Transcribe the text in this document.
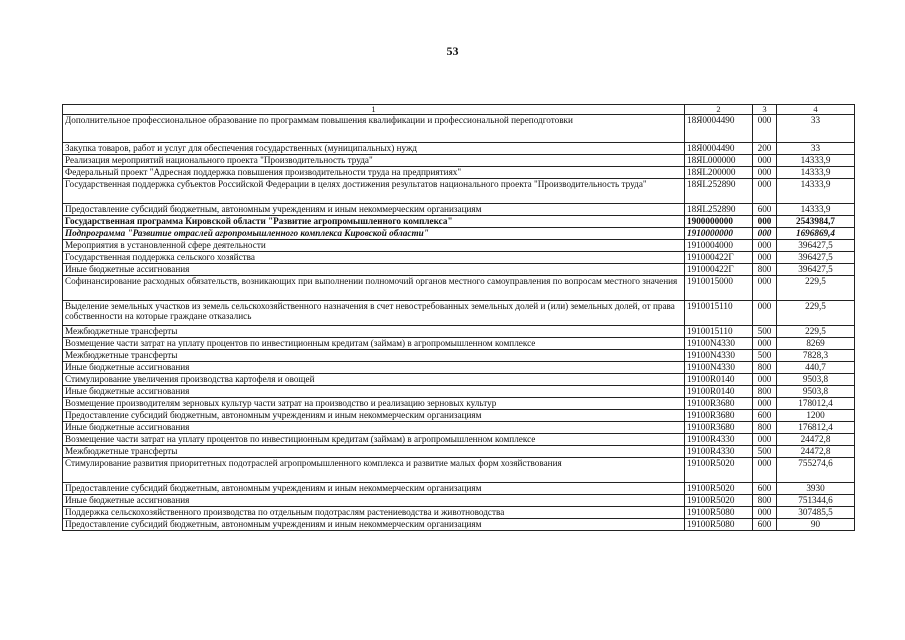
53
1	2	3	4
Дополнительное профессиональное образование по программам повышения квалификации и профессиональной переподготовки	18Я0004490	000	33
Закупка товаров, работ и услуг для обеспечения государственных (муниципальных) нужд	18Я0004490	200	33
Реализация мероприятий национального проекта "Производительность труда"	18ЯL000000	000	14333,9
Федеральный проект "Адресная поддержка повышения производительности труда на предприятиях"	18ЯL200000	000	14333,9
Государственная поддержка субъектов Российской Федерации в целях достижения результатов национального проекта "Производительность труда"	18ЯL252890	000	14333,9
Предоставление субсидий бюджетным, автономным учреждениям и иным некоммерческим организациям	18ЯL252890	600	14333,9
Государственная программа Кировской области "Развитие агропромышленного комплекса"	1900000000	000	2543984,7
Подпрограмма "Развитие отраслей агропромышленного комплекса Кировской области"	1910000000	000	1696869,4
Мероприятия в установленной сфере деятельности	1910004000	000	396427,5
Государственная поддержка сельского хозяйства	191000422Г	000	396427,5
Иные бюджетные ассигнования	191000422Г	800	396427,5
Софинансирование расходных обязательств, возникающих при выполнении полномочий органов местного самоуправления по вопросам местного значения	1910015000	000	229,5
Выделение земельных участков из земель сельскохозяйственного назначения в счет невостребованных земельных долей и (или) земельных долей, от права собственности на которые граждане отказались	1910015110	000	229,5
Межбюджетные трансферты	1910015110	500	229,5
Возмещение части затрат на уплату процентов по инвестиционным кредитам (займам) в агропромышленном комплексе	19100N4330	000	8269
Межбюджетные трансферты	19100N4330	500	7828,3
Иные бюджетные ассигнования	19100N4330	800	440,7
Стимулирование увеличения производства картофеля и овощей	19100R0140	000	9503,8
Иные бюджетные ассигнования	19100R0140	800	9503,8
Возмещение производителям зерновых культур части затрат на производство и реализацию зерновых культур	19100R3680	000	178012,4
Предоставление субсидий бюджетным, автономным учреждениям и иным некоммерческим организациям	19100R3680	600	1200
Иные бюджетные ассигнования	19100R3680	800	176812,4
Возмещение части затрат на уплату процентов по инвестиционным кредитам (займам) в агропромышленном комплексе	19100R4330	000	24472,8
Межбюджетные трансферты	19100R4330	500	24472,8
Стимулирование развития приоритетных подотраслей агропромышленного комплекса и развитие малых форм хозяйствования	19100R5020	000	755274,6
Предоставление субсидий бюджетным, автономным учреждениям и иным некоммерческим организациям	19100R5020	600	3930
Иные бюджетные ассигнования	19100R5020	800	751344,6
Поддержка сельскохозяйственного производства по отдельным подотраслям растениеводства и животноводства	19100R5080	000	307485,5
Предоставление субсидий бюджетным, автономным учреждениям и иным некоммерческим организациям	19100R5080	600	90
